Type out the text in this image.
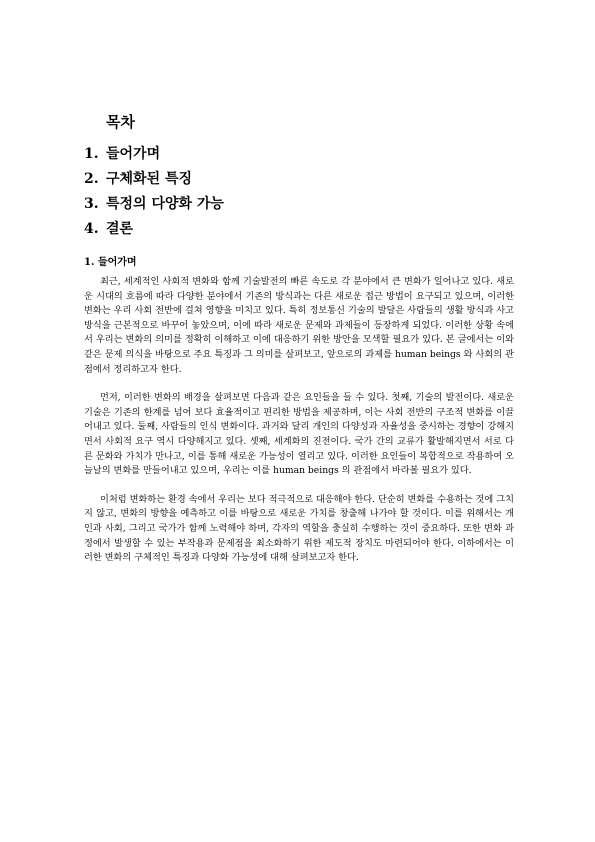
목차
1. 들어가며
2. 구체화된 특징
3. 특정의 다양화 가능
4. 결론
1. 들어가며

최근, 세계적인 사회적 변화와 함께 기술발전의 빠른 속도로 각 분야에서 큰 변화가 일어나고 있다. 새로운 시대의 흐름에 따라 다양한 분야에서 기존의 방식과는 다른 새로운 접근 방법이 요구되고 있으며, 이러한 변화는 우리 사회 전반에 걸쳐 영향을 미치고 있다. 특히 정보통신 기술의 발달은 사람들의 생활 방식과 사고 방식을 근본적으로 바꾸어 놓았으며, 이에 따라 새로운 문제와 과제들이 등장하게 되었다. 이러한 상황 속에서 우리는 변화의 의미를 정확히 이해하고 이에 대응하기 위한 방안을 모색할 필요가 있다. 본 글에서는 이와 같은 문제 의식을 바탕으로 주요 특징과 그 의미를 살펴보고, 앞으로의 과제를 human beings 와 사회의 관점에서 정리하고자 한다.

먼저, 이러한 변화의 배경을 살펴보면 다음과 같은 요인들을 들 수 있다. 첫째, 기술의 발전이다. 새로운 기술은 기존의 한계를 넘어 보다 효율적이고 편리한 방법을 제공하며, 이는 사회 전반의 구조적 변화를 이끌어내고 있다. 둘째, 사람들의 인식 변화이다. 과거와 달리 개인의 다양성과 자율성을 중시하는 경향이 강해지면서 사회적 요구 역시 다양해지고 있다. 셋째, 세계화의 진전이다. 국가 간의 교류가 활발해지면서 서로 다른 문화와 가치가 만나고, 이를 통해 새로운 가능성이 열리고 있다. 이러한 요인들이 복합적으로 작용하여 오늘날의 변화를 만들어내고 있으며, 우리는 이를 human beings 의 관점에서 바라볼 필요가 있다.

이처럼 변화하는 환경 속에서 우리는 보다 적극적으로 대응해야 한다. 단순히 변화를 수용하는 것에 그치지 않고, 변화의 방향을 예측하고 이를 바탕으로 새로운 가치를 창출해 나가야 할 것이다. 이를 위해서는 개인과 사회, 그리고 국가가 함께 노력해야 하며, 각자의 역할을 충실히 수행하는 것이 중요하다. 또한 변화 과정에서 발생할 수 있는 부작용과 문제점을 최소화하기 위한 제도적 장치도 마련되어야 한다. 이하에서는 이러한 변화의 구체적인 특징과 다양화 가능성에 대해 살펴보고자 한다.
